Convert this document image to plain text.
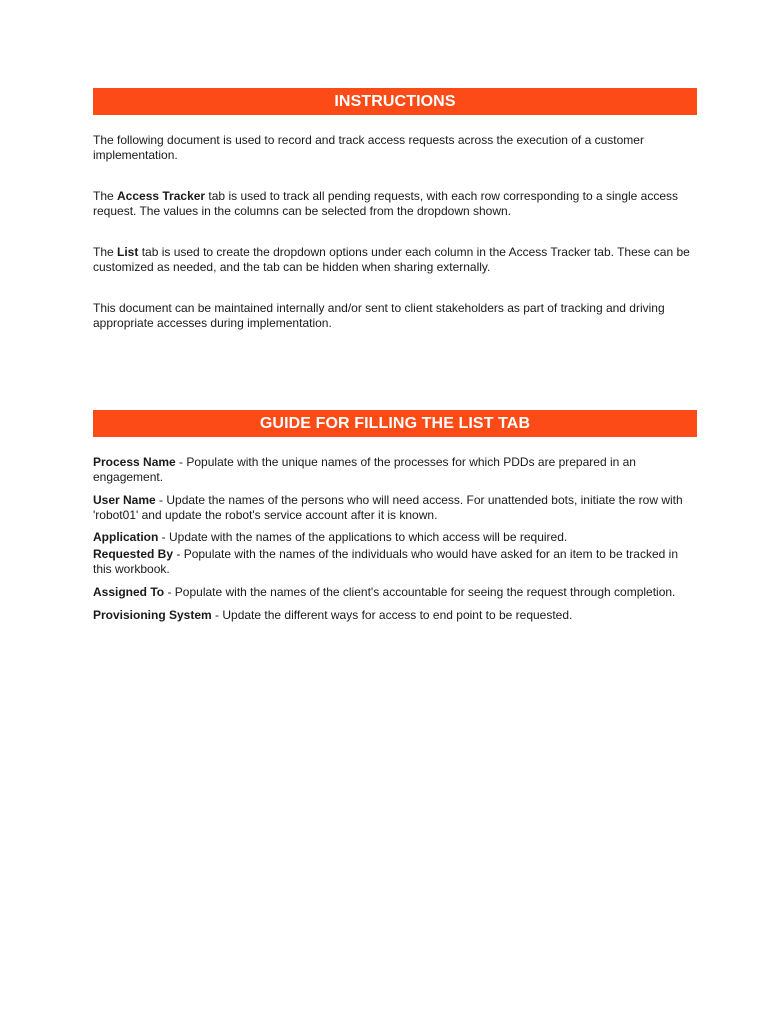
INSTRUCTIONS

The following document is used to record and track access requests across the execution of a customer implementation.

The Access Tracker tab is used to track all pending requests, with each row corresponding to a single access request. The values in the columns can be selected from the dropdown shown.

The List tab is used to create the dropdown options under each column in the Access Tracker tab. These can be customized as needed, and the tab can be hidden when sharing externally.

This document can be maintained internally and/or sent to client stakeholders as part of tracking and driving appropriate accesses during implementation.

GUIDE FOR FILLING THE LIST TAB

Process Name - Populate with the unique names of the processes for which PDDs are prepared in an engagement.

User Name - Update the names of the persons who will need access. For unattended bots, initiate the row with 'robot01' and update the robot's service account after it is known.

Application - Update with the names of the applications to which access will be required.

Requested By - Populate with the names of the individuals who would have asked for an item to be tracked in this workbook.

Assigned To - Populate with the names of the client's accountable for seeing the request through completion.

Provisioning System - Update the different ways for access to end point to be requested.
